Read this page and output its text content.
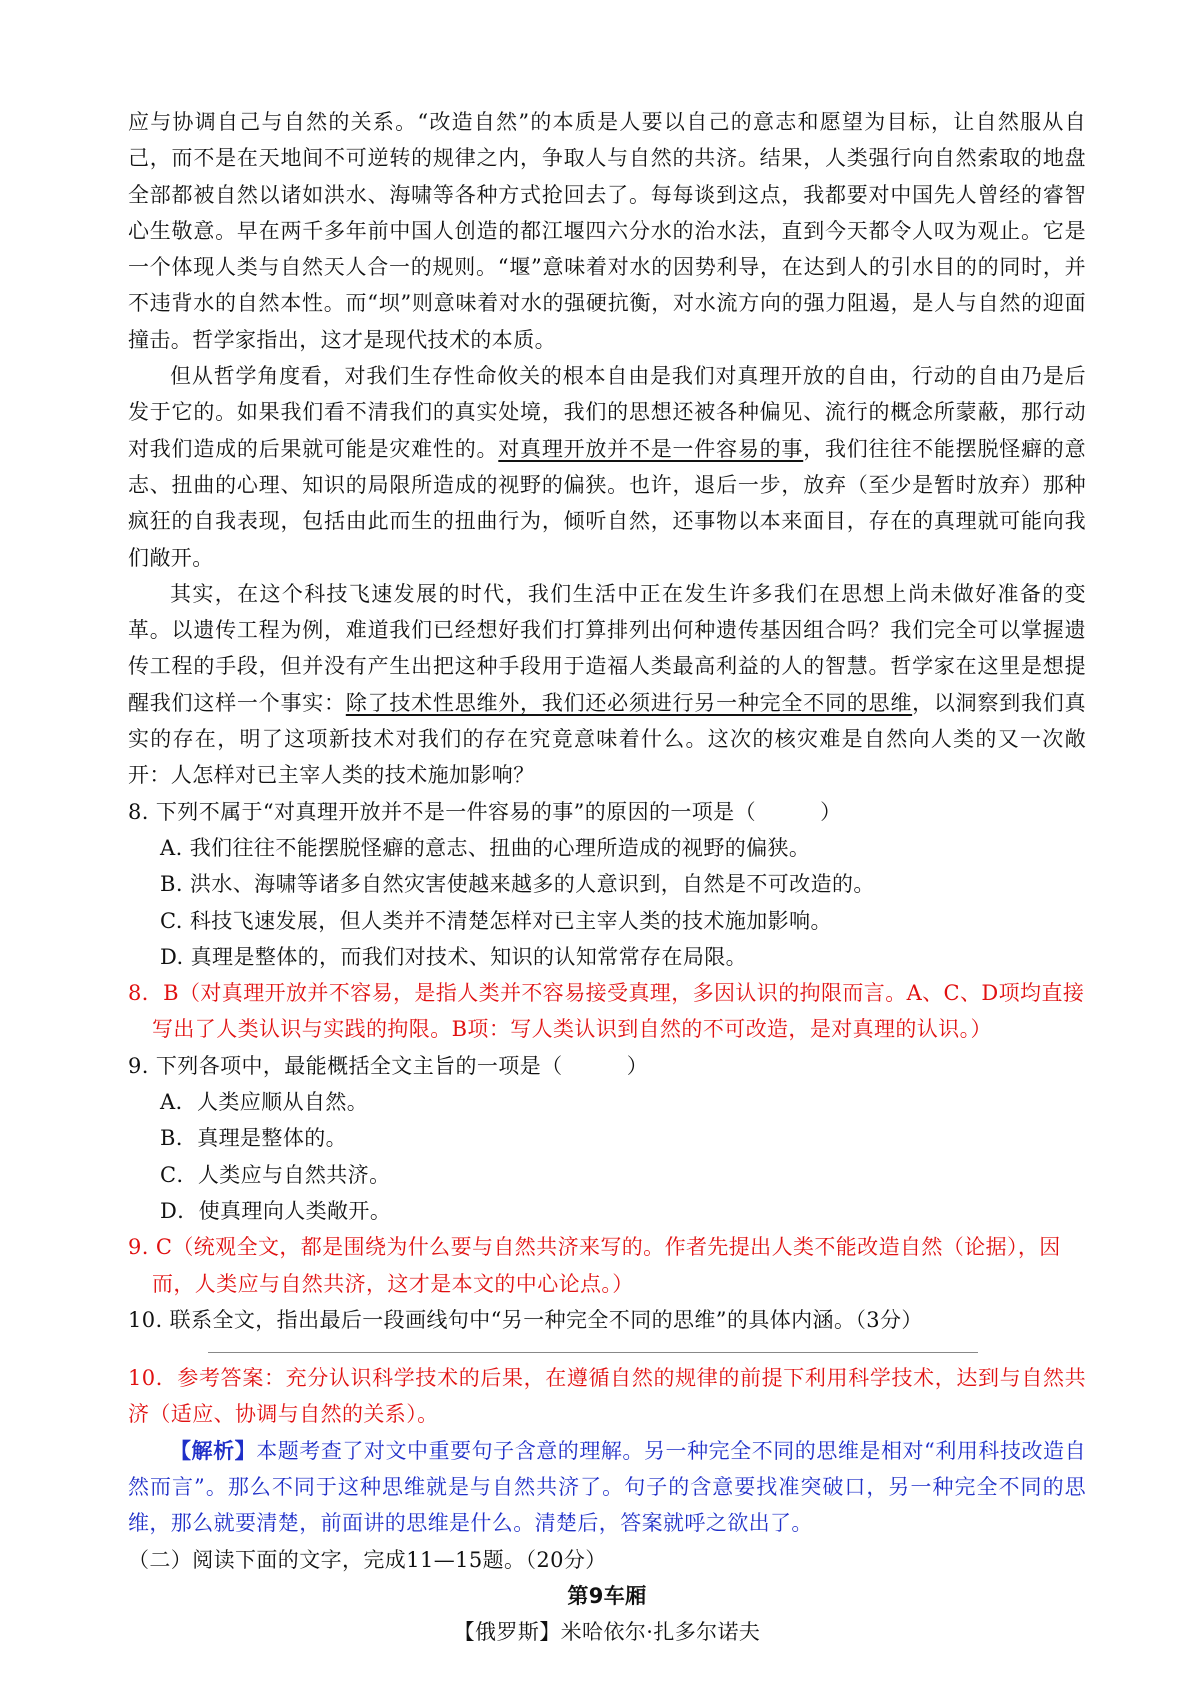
应与协调自己与自然的关系。“改造自然”的本质是人要以自己的意志和愿望为目标，让自然服从自己，而不是在天地间不可逆转的规律之内，争取人与自然的共济。结果，人类强行向自然索取的地盘全部都被自然以诸如洪水、海啸等各种方式抢回去了。每每谈到这点，我都要对中国先人曾经的睿智心生敬意。早在两千多年前中国人创造的都江堰四六分水的治水法，直到今天都令人叹为观止。它是一个体现人类与自然天人合一的规则。“堰”意味着对水的因势利导，在达到人的引水目的的同时，并不违背水的自然本性。而“坝”则意味着对水的强硬抗衡，对水流方向的强力阻遏，是人与自然的迎面撞击。哲学家指出，这才是现代技术的本质。

但从哲学角度看，对我们生存性命攸关的根本自由是我们对真理开放的自由，行动的自由乃是后发于它的。如果我们看不清我们的真实处境，我们的思想还被各种偏见、流行的概念所蒙蔽，那行动对我们造成的后果就可能是灾难性的。对真理开放并不是一件容易的事，我们往往不能摆脱怪癖的意志、扭曲的心理、知识的局限所造成的视野的偏狭。也许，退后一步，放弃（至少是暂时放弃）那种疯狂的自我表现，包括由此而生的扭曲行为，倾听自然，还事物以本来面目，存在的真理就可能向我们敞开。

其实，在这个科技飞速发展的时代，我们生活中正在发生许多我们在思想上尚未做好准备的变革。以遗传工程为例，难道我们已经想好我们打算排列出何种遗传基因组合吗？我们完全可以掌握遗传工程的手段，但并没有产生出把这种手段用于造福人类最高利益的人的智慧。哲学家在这里是想提醒我们这样一个事实：除了技术性思维外，我们还必须进行另一种完全不同的思维，以洞察到我们真实的存在，明了这项新技术对我们的存在究竟意味着什么。这次的核灾难是自然向人类的又一次敞开：人怎样对已主宰人类的技术施加影响？

8. 下列不属于“对真理开放并不是一件容易的事”的原因的一项是（　　　）

A. 我们往往不能摆脱怪癖的意志、扭曲的心理所造成的视野的偏狭。

B. 洪水、海啸等诸多自然灾害使越来越多的人意识到，自然是不可改造的。

C. 科技飞速发展，但人类并不清楚怎样对已主宰人类的技术施加影响。

D. 真理是整体的，而我们对技术、知识的认知常常存在局限。

8．B（对真理开放并不容易，是指人类并不容易接受真理，多因认识的拘限而言。A、C、D项均直接写出了人类认识与实践的拘限。B项：写人类认识到自然的不可改造，是对真理的认识。）

9. 下列各项中，最能概括全文主旨的一项是（　　　）

A．人类应顺从自然。

B．真理是整体的。

C．人类应与自然共济。

D．使真理向人类敞开。

9. C（统观全文，都是围绕为什么要与自然共济来写的。作者先提出人类不能改造自然（论据），因而，人类应与自然共济，这才是本文的中心论点。）

10. 联系全文，指出最后一段画线句中“另一种完全不同的思维”的具体内涵。（3分）

10．参考答案：充分认识科学技术的后果，在遵循自然的规律的前提下利用科学技术，达到与自然共济（适应、协调与自然的关系）。

【解析】本题考查了对文中重要句子含意的理解。另一种完全不同的思维是相对“利用科技改造自然而言”。那么不同于这种思维就是与自然共济了。句子的含意要找准突破口，另一种完全不同的思维，那么就要清楚，前面讲的思维是什么。清楚后，答案就呼之欲出了。

（二）阅读下面的文字，完成11—15题。（20分）

第9车厢

【俄罗斯】米哈依尔·扎多尔诺夫
